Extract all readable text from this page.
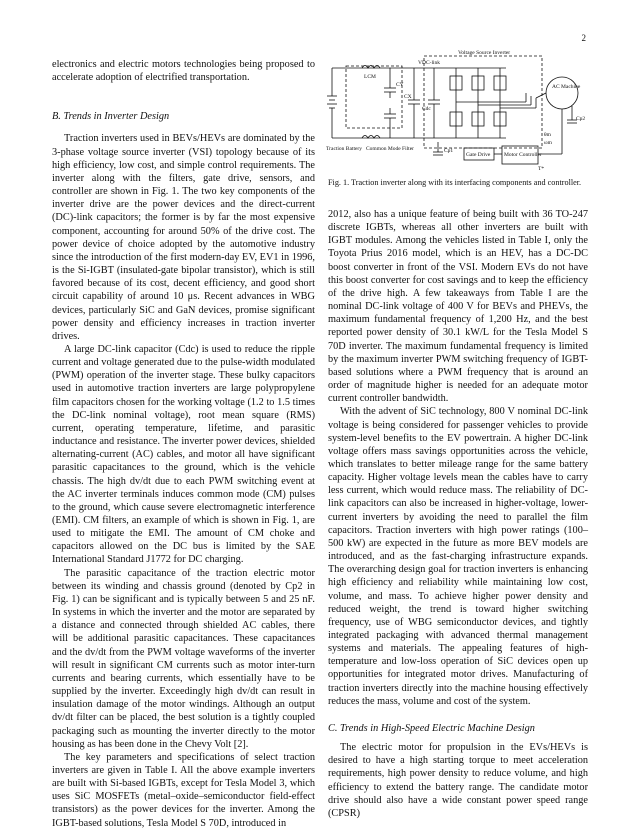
2

electronics and electric motors technologies being proposed to accelerate adoption of electrified transportation.

B. Trends in Inverter Design

Traction inverters used in BEVs/HEVs are dominated by the 3-phase voltage source inverter (VSI) topology because of its high efficiency, low cost, and simple control requirements. The inverter along with the filters, gate drive, sensors, and controller are shown in Fig. 1. The two key components of the inverter drive are the power devices and the direct-current (DC)-link capacitors; the former is by far the most expensive component, accounting for around 50% of the drive cost. The power device of choice adopted by the automotive industry since the introduction of the first modern-day EV, EV1 in 1996, is the Si-IGBT (insulated-gate bipolar transistor), which is still favored because of its cost, decent efficiency, and good short circuit capability of around 10 μs. Recent advances in WBG devices, particularly SiC and GaN devices, promise significant power density and efficiency increases in traction inverter drives.

A large DC-link capacitor (Cdc) is used to reduce the ripple current and voltage generated due to the pulse-width modulated (PWM) operation of the inverter stage. These bulky capacitors used in automotive traction inverters are large polypropylene film capacitors chosen for the working voltage (1.2 to 1.5 times the DC-link nominal voltage), root mean square (RMS) current, operating temperature, lifetime, and parasitic inductance and resistance. The inverter power devices, shielded alternating-current (AC) cables, and motor all have significant parasitic capacitances to the ground, which is the vehicle chassis. The high dv/dt due to each PWM switching event at the AC inverter terminals induces common mode (CM) pulses to the ground, which cause severe electromagnetic interference (EMI). CM filters, an example of which is shown in Fig. 1, are used to mitigate the EMI. The amount of CM choke and capacitors allowed on the DC bus is limited by the SAE International Standard J1772 for DC charging.

The parasitic capacitance of the traction electric motor between its winding and chassis ground (denoted by Cp2 in Fig. 1) can be significant and is typically between 5 and 25 nF. In systems in which the inverter and the motor are separated by a distance and connected through shielded AC cables, there will be additional parasitic capacitances. These capacitances and the dv/dt from the PWM voltage waveforms of the inverter will result in significant CM currents such as motor inter-turn currents and bearing currents, which essentially have to be supplied by the inverter. Exceedingly high dv/dt can result in insulation damage of the motor windings. Although an output dv/dt filter can be placed, the best solution is a tightly coupled packaging such as mounting the inverter directly to the motor housing as has been done in the Chevy Volt [2].

The key parameters and specifications of select traction inverters are given in Table I. All the above example inverters are built with Si-based IGBTs, except for Tesla Model 3, which uses SiC MOSFETs (metal–oxide–semiconductor field-effect transistors) as the power devices for the inverter. Among the IGBT-based solutions, Tesla Model S 70D, introduced in

Voltage Source Inverter
VDC-link
LCM
CY
CX
Cdc
Cp1
Cp2
Traction Battery Common Mode Filter
Gate Drive Motor Controller
AC Machine
ωm
θm
T*
Fig. 1. Traction inverter along with its interfacing components and controller.

2012, also has a unique feature of being built with 36 TO-247 discrete IGBTs, whereas all other inverters are built with IGBT modules. Among the vehicles listed in Table I, only the Toyota Prius 2016 model, which is an HEV, has a DC-DC boost converter in front of the VSI. Modern EVs do not have this boost converter for cost savings and to keep the efficiency of the drive high. A few takeaways from Table I are the nominal DC-link voltage of 400 V for BEVs and PHEVs, the maximum fundamental frequency of 1,200 Hz, and the best reported power density of 30.1 kW/L for the Tesla Model S 70D inverter. The maximum fundamental frequency is limited by the maximum inverter PWM switching frequency of IGBT-based solutions where a PWM frequency that is around an order of magnitude higher is needed for an adequate motor current controller bandwidth.

With the advent of SiC technology, 800 V nominal DC-link voltage is being considered for passenger vehicles to provide system-level benefits to the EV powertrain. A higher DC-link voltage offers mass savings opportunities across the vehicle, which translates to better mileage range for the same battery capacity. Higher voltage levels mean the cables have to carry less current, which would reduce mass. The reliability of DC-link capacitors can also be increased in higher-voltage, lower-current inverters by avoiding the need to parallel the film capacitors. Traction inverters with high power ratings (100–500 kW) are expected in the future as more BEV models are introduced, and as the fast-charging infrastructure expands. The overarching design goal for traction inverters is enhancing high efficiency and reliability while maintaining low cost, volume, and mass. To achieve higher power density and reduced weight, the trend is toward higher switching frequency, use of WBG semiconductor devices, and tightly integrated packaging with advanced thermal management systems and materials. The appealing features of high-temperature and low-loss operation of SiC devices open up opportunities for integrated motor drives. Manufacturing of traction inverters directly into the machine housing effectively reduces the mass, volume and cost of the system.

C. Trends in High-Speed Electric Machine Design

The electric motor for propulsion in the EVs/HEVs is desired to have a high starting torque to meet acceleration requirements, high power density to reduce volume, and high efficiency to extend the battery range. The candidate motor drive should also have a wide constant power speed range (CPSR)
